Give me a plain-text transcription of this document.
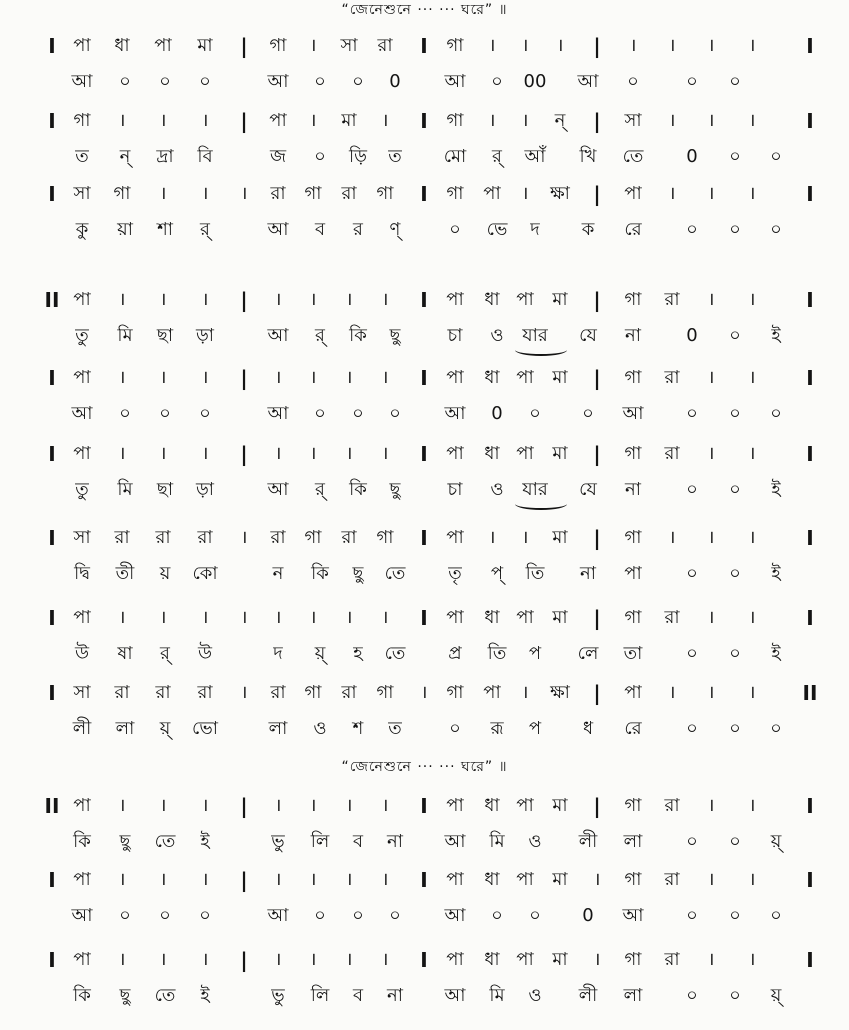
I পা ধা পা মা | গা । সা রা I গা । । । | । । । ।	I
আ ০ ০ ০	আ ০ ০ 0 আ ০ 00 আ ০	০ ০
I গা । । । | পা । মা । I গা । । ন্ | সা । । ।	I
ত ন্ দ্রা বি	জ ০ ড়ি ত মো র্ আঁ খি তে 0 ০ ০
I সা গা । । । রা গা রা গা I গা পা । ক্ষা | পা । । ।	I
কু য়া শা র্	আ ব র ণ্	০ ভে দ ক রে ০ ০ ০
“জেনেশুনে ··· ··· ঘরে” ॥
II পা । । । | । । । । I পা ধা পা মা | গা রা । ।	I
তু মি ছা ড়া	আ র্ কি ছু	চা ও যার যে না	0 ০ ই
I পা । । । | । । । । I পা ধা পা মা | গা রা । ।	I
আ ০ ০ ০	আ ০ ০ ০ আ 0 ০ ০ আ ০ ০ ০
I পা । । । | । । । । I পা ধা পা মা | গা রা । ।	I
তু মি ছা ড়া	আ র্ কি ছু	চা ও যার যে না	০ ০ ই
I সা রা রা রা । রা গা রা গা I পা । । মা | গা । । ।	I
দ্বি তী য় কো	ন কি ছু তে তৃ প্ তি না পা ০ ০ ই
I পা । । । । । । । । I পা ধা পা মা | গা রা । ।	I
উ ষা র্ উ	দ য়্ হ তে প্র তি প লে তা ০ ০ ই
I সা রা রা রা । রা গা রা গা । গা পা । ক্ষা | পা । । । II
লী লা য়্ ভো	লা ও শ ত	০ রূ প ধ রে ০ ০ ০
“জেনেশুনে ··· ··· ঘরে” ॥
II পা । । । | । । । । I পা ধা পা মা | গা রা । ।	I
কি ছু তে ই	ভু লি ব না আ মি ও লী লা ০ ০ য়্
I পা । । । | । । । । I পা ধা পা মা । গা রা । ।	I
আ ০ ০ ০	আ ০ ০ ০ আ ০ ০ 0 আ ০ ০ ০
I পা । । । | । । । । I পা ধা পা মা । গা রা । ।	I
কি ছু তে ই	ভু লি ব না আ মি ও লী লা ০ ০ য়্
